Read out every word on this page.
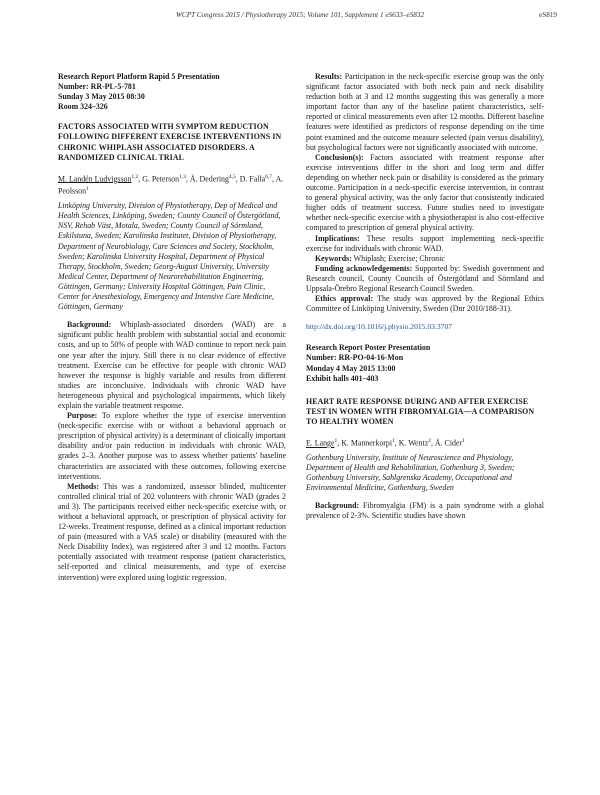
WCPT Congress 2015 / Physiotherapy 2015; Volume 101, Supplement 1 eS633–eS832	eS819
Research Report Platform Rapid 5 Presentation
Number: RR-PL-5-781
Sunday 3 May 2015 08:30
Room 324–326
FACTORS ASSOCIATED WITH SYMPTOM REDUCTION FOLLOWING DIFFERENT EXERCISE INTERVENTIONS IN CHRONIC WHIPLASH ASSOCIATED DISORDERS. A RANDOMIZED CLINICAL TRIAL
M. Landén Ludvigsson$^{1,2}$, G. Peterson$^{1,3}$, Å. Dedering$^{4,5}$, D. Falla$^{6,7}$, A. Peolsson$^1$
Linköping University, Division of Physiotherapy, Dep of Medical and Health Sciences, Linköping, Sweden; County Council of Östergötland, NSV, Rehab Väst, Motala, Sweden; County Council of Sörmland, Eskilstuna, Sweden; Karolinska Institutet, Division of Physiotherapy, Department of Neurobiology, Care Sciences and Society, Stockholm, Sweden; Karolinska University Hospital, Department of Physical Therapy, Stockholm, Sweden; Georg-August University, University Medical Center, Department of Neurorehabilitation Engineering, Göttingen, Germany; University Hospital Göttingen, Pain Clinic, Center for Anesthesiology, Emergency and Intensive Care Medicine, Göttingen, Germany

Background: Whiplash-associated disorders (WAD) are a significant public health problem with substantial social and economic costs, and up to 50% of people with WAD continue to report neck pain one year after the injury. Still there is no clear evidence of effective treatment. Exercise can be effective for people with chronic WAD however the response is highly variable and results from different studies are inconclusive. Individuals with chronic WAD have heterogeneous physical and psychological impairments, which likely explain the variable treatment response.

Purpose: To explore whether the type of exercise intervention (neck-specific exercise with or without a behavioral approach or prescription of physical activity) is a determinant of clinically important disability and/or pain reduction in individuals with chronic WAD, grades 2–3. Another purpose was to assess whether patients' baseline characteristics are associated with these outcomes, following exercise interventions.

Methods: This was a randomized, assessor blinded, multicenter controlled clinical trial of 202 volunteers with chronic WAD (grades 2 and 3). The participants received either neck-specific exercise with, or without a behavioral approach, or prescription of physical activity for 12-weeks. Treatment response, defined as a clinical important reduction of pain (measured with a VAS scale) or disability (measured with the Neck Disability Index), was registered after 3 and 12 months. Factors potentially associated with treatment response (patient characteristics, self-reported and clinical measurements, and type of exercise intervention) were explored using logistic regression.

Results: Participation in the neck-specific exercise group was the only significant factor associated with both neck pain and neck disability reduction both at 3 and 12 months suggesting this was generally a more important factor than any of the baseline patient characteristics, self-reported or clinical measurements even after 12 months. Different baseline features were identified as predictors of response depending on the time point examined and the outcome measure selected (pain versus disability), but psychological factors were not significantly associated with outcome.

Conclusion(s): Factors associated with treatment response after exercise interventions differ in the short and long term and differ depending on whether neck pain or disability is considered as the primary outcome. Participation in a neck-specific exercise intervention, in contrast to general physical activity, was the only factor that consistently indicated higher odds of treatment success. Future studies need to investigate whether neck-specific exercise with a physiotherapist is also cost-effective compared to prescription of general physical activity.

Implications: These results support implementing neck-specific exercise for individuals with chronic WAD.

Keywords: Whiplash; Exercise; Chronic

Funding acknowledgements: Supported by: Swedish government and Research council, County Councils of Östergötland and Sörmland and Uppsala-Örebro Regional Research Council Sweden.

Ethics approval: The study was approved by the Regional Ethics Committee of Linköping University, Sweden (Dnr 2010/188-31).

http://dx.doi.org/10.1016/j.physio.2015.03.3707
Research Report Poster Presentation
Number: RR-PO-04-16-Mon
Monday 4 May 2015 13:00
Exhibit halls 401–403
HEART RATE RESPONSE DURING AND AFTER EXERCISE TEST IN WOMEN WITH FIBROMYALGIA—A COMPARISON TO HEALTHY WOMEN
E. Lange$^1$, K. Mannerkorpi$^1$, K. Wentz$^2$, Å. Cider$^1$
Gothenburg University, Institute of Neuroscience and Physiology, Department of Health and Rehabilitation, Gothenburg 3, Sweden; Gothenburg University, Sahlgrenska Academy, Occupational and Environmental Medicine, Gothenburg, Sweden

Background: Fibromyalgia (FM) is a pain syndrome with a global prevalence of 2-3%. Scientific studies have shown
